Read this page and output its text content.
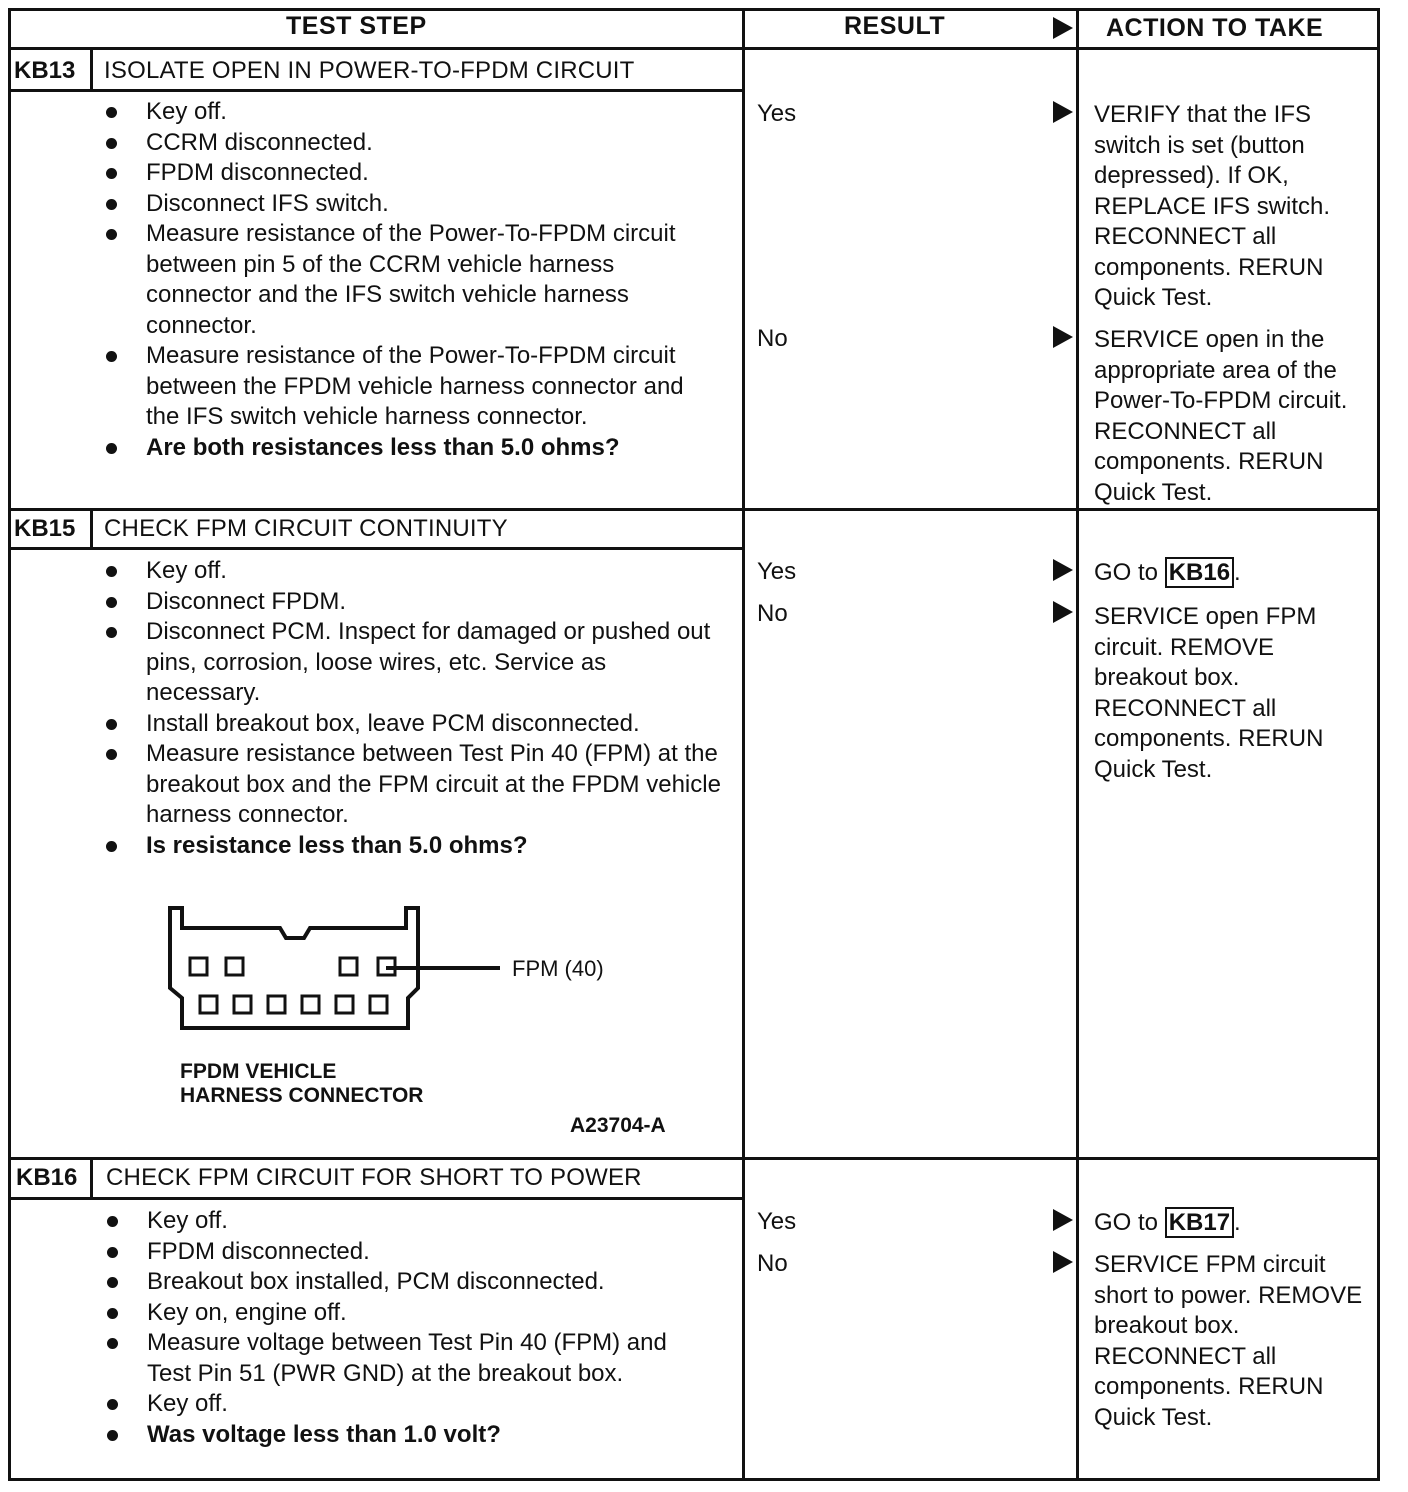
TEST STEP	RESULT	ACTION TO TAKE
KB13 ISOLATE OPEN IN POWER-TO-FPDM CIRCUIT
Key off.
CCRM disconnected.
FPDM disconnected.
Disconnect IFS switch.
Measure resistance of the Power-To-FPDM circuit between pin 5 of the CCRM vehicle harness connector and the IFS switch vehicle harness connector.
Measure resistance of the Power-To-FPDM circuit between the FPDM vehicle harness connector and the IFS switch vehicle harness connector.
Are both resistances less than 5.0 ohms?
Yes	VERIFY that the IFS switch is set (button depressed). If OK, REPLACE IFS switch. RECONNECT all components. RERUN Quick Test.
No	SERVICE open in the appropriate area of the Power-To-FPDM circuit. RECONNECT all components. RERUN Quick Test.
KB15 CHECK FPM CIRCUIT CONTINUITY
Key off.
Disconnect FPDM.
Disconnect PCM. Inspect for damaged or pushed out pins, corrosion, loose wires, etc. Service as necessary.
Install breakout box, leave PCM disconnected.
Measure resistance between Test Pin 40 (FPM) at the breakout box and the FPM circuit at the FPDM vehicle harness connector.
Is resistance less than 5.0 ohms?
FPM (40)
FPDM VEHICLE
HARNESS CONNECTOR
A23704-A
Yes	GO to KB16 .
No	SERVICE open FPM circuit. REMOVE breakout box. RECONNECT all components. RERUN Quick Test.
KB16 CHECK FPM CIRCUIT FOR SHORT TO POWER
Key off.
FPDM disconnected.
Breakout box installed, PCM disconnected.
Key on, engine off.
Measure voltage between Test Pin 40 (FPM) and Test Pin 51 (PWR GND) at the breakout box.
Key off.
Was voltage less than 1.0 volt?
Yes	GO to KB17 .
No	SERVICE FPM circuit short to power. REMOVE breakout box. RECONNECT all components. RERUN Quick Test.
